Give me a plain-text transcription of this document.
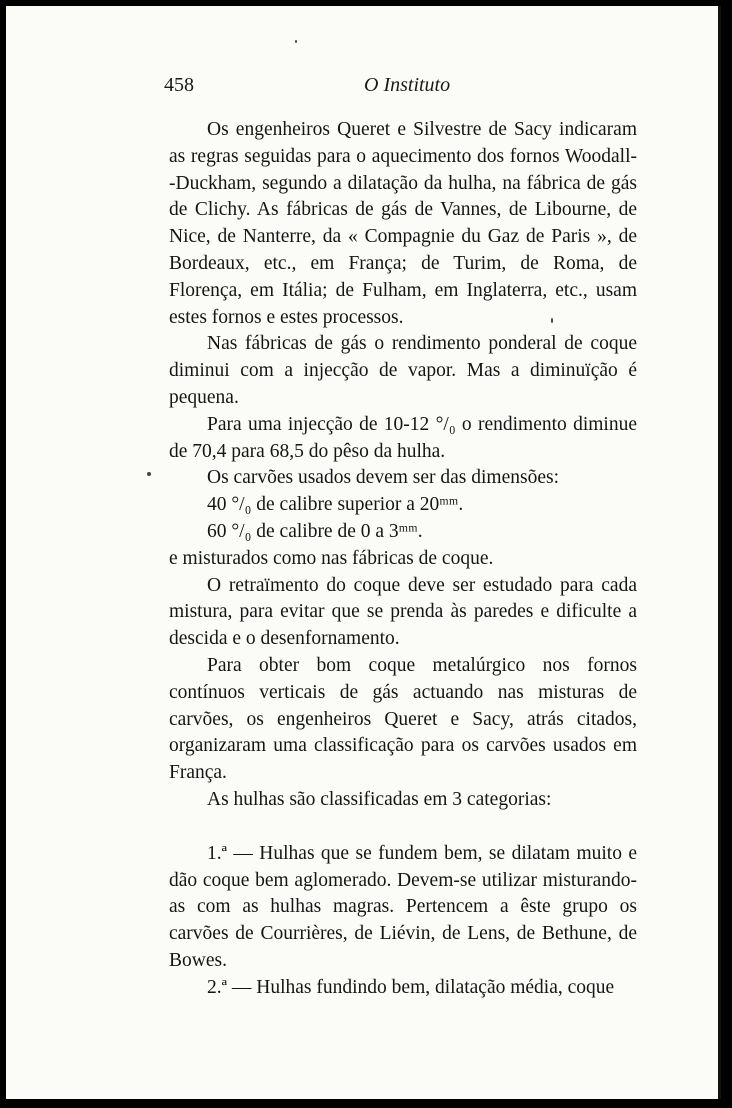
458	O Instituto

Os engenheiros Queret e Silvestre de Sacy indicaram as regras seguidas para o aquecimento dos fornos Woodall--Duckham, segundo a dilatação da hulha, na fábrica de gás de Clichy. As fábricas de gás de Vannes, de Libourne, de Nice, de Nanterre, da « Compagnie du Gaz de Paris », de Bordeaux, etc., em França; de Turim, de Roma, de Florença, em Itália; de Fulham, em Inglaterra, etc., usam estes fornos e estes processos.

Nas fábricas de gás o rendimento ponderal de coque diminui com a injecção de vapor. Mas a diminuïção é pequena.

Para uma injecção de 10-12 °/₀ o rendimento diminue de 70,4 para 68,5 do pêso da hulha.

Os carvões usados devem ser das dimensões:

40 °/₀ de calibre superior a 20ᵐᵐ.

60 °/₀ de calibre de 0 a 3ᵐᵐ.

e misturados como nas fábricas de coque.

O retraïmento do coque deve ser estudado para cada mistura, para evitar que se prenda às paredes e dificulte a descida e o desenfornamento.

Para obter bom coque metalúrgico nos fornos contínuos verticais de gás actuando nas misturas de carvões, os engenheiros Queret e Sacy, atrás citados, organizaram uma classificação para os carvões usados em França.

As hulhas são classificadas em 3 categorias:

1.ª — Hulhas que se fundem bem, se dilatam muito e dão coque bem aglomerado. Devem-se utilizar misturando-as com as hulhas magras. Pertencem a êste grupo os carvões de Courrières, de Liévin, de Lens, de Bethune, de Bowes.

2.ª — Hulhas fundindo bem, dilatação média, coque
